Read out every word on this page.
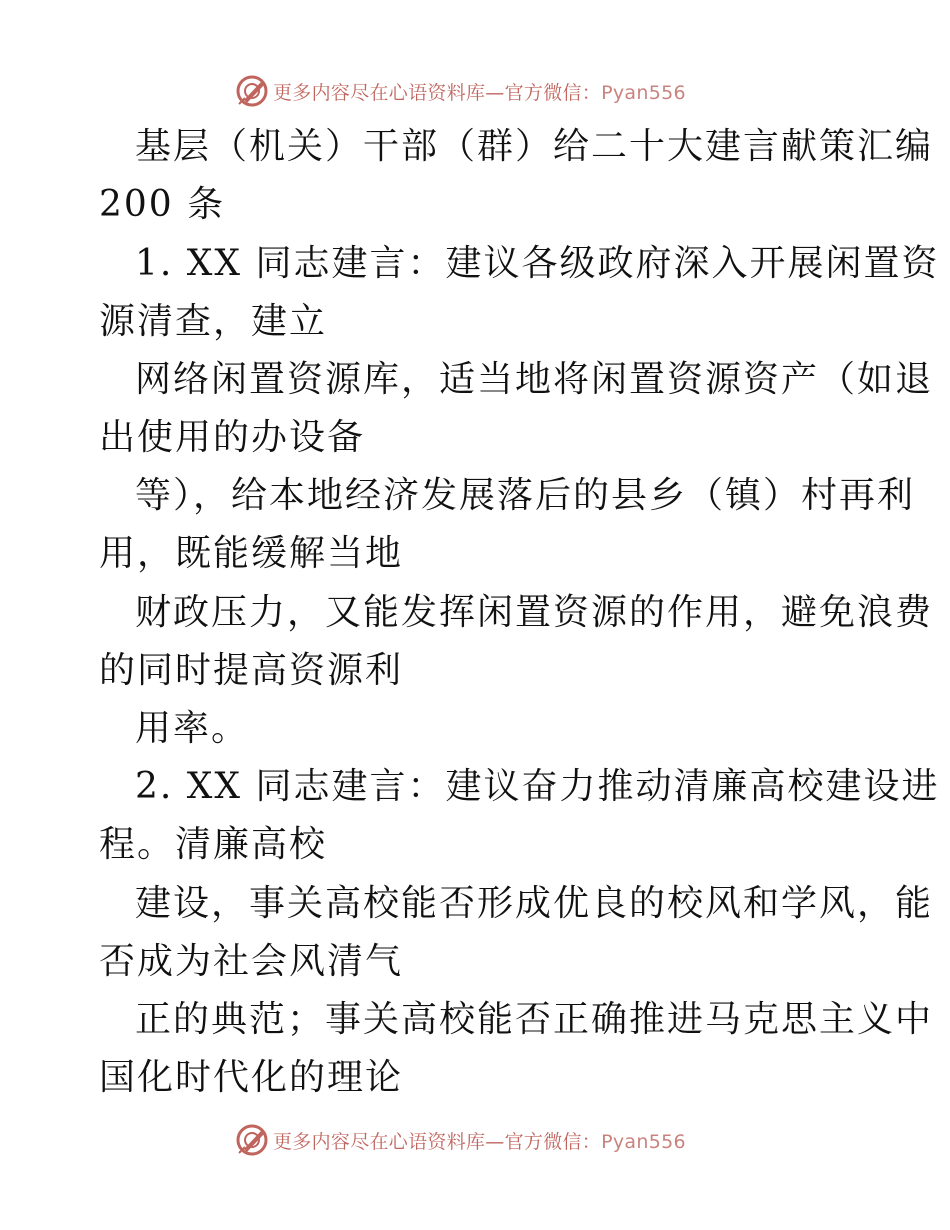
更多内容尽在心语资料库—官方微信：Pyan556
基层（机关）干部（群）给二十大建言献策汇编
200 条
1. XX 同志建言：建议各级政府深入开展闲置资
源清查，建立
网络闲置资源库，适当地将闲置资源资产（如退
出使用的办设备
等），给本地经济发展落后的县乡（镇）村再利
用，既能缓解当地
财政压力，又能发挥闲置资源的作用，避免浪费
的同时提高资源利
用率。
2. XX 同志建言：建议奋力推动清廉高校建设进
程。清廉高校
建设，事关高校能否形成优良的校风和学风，能
否成为社会风清气
正的典范；事关高校能否正确推进马克思主义中
国化时代化的理论
更多内容尽在心语资料库—官方微信：Pyan556
